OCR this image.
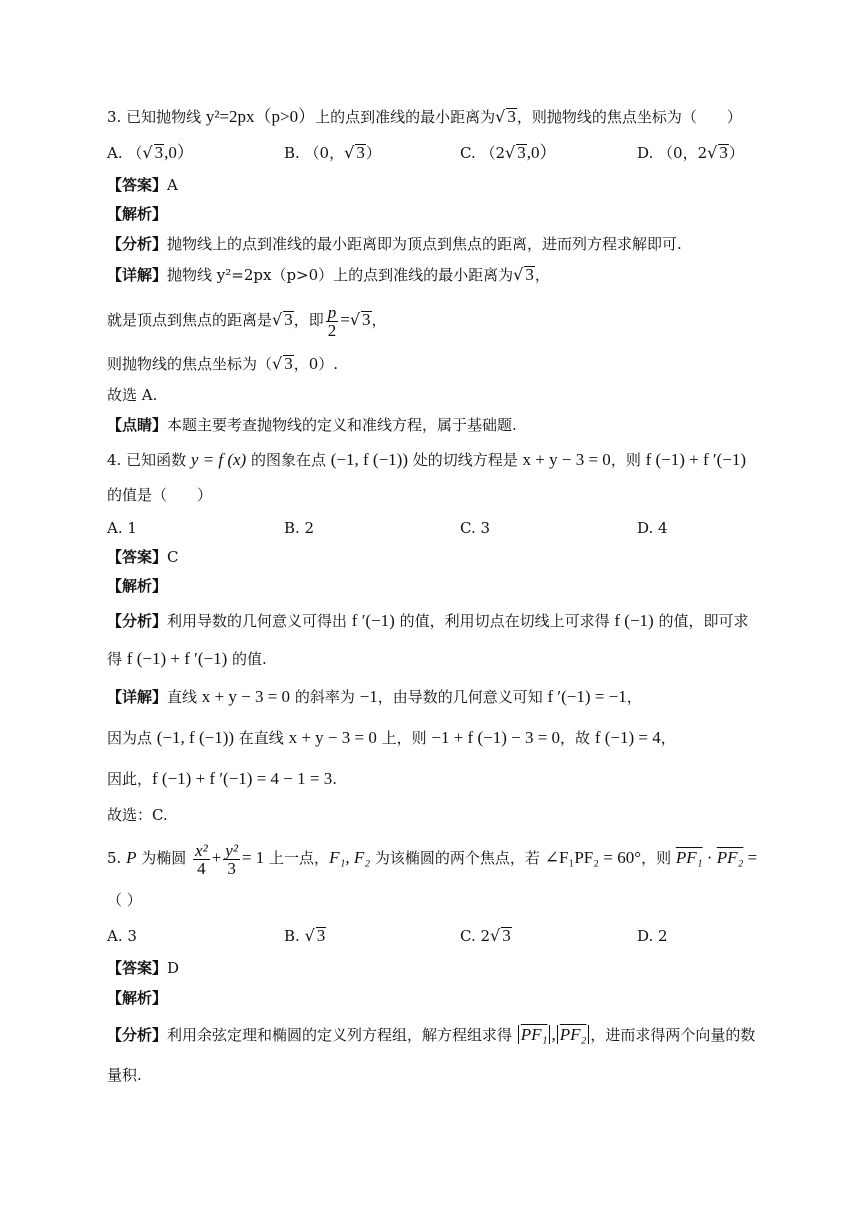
3. 已知抛物线 y²=2px（p>0）上的点到准线的最小距离为√ 3，则抛物线的焦点坐标为（　　）
A. （√ 3,0）	B. （0，√ 3）	C. （2√ 3,0）	D. （0，2√ 3）
【答案】A
【解析】
【分析】抛物线上的点到准线的最小距离即为顶点到焦点的距离，进而列方程求解即可.
【详解】抛物线 y²=2px（p>0）上的点到准线的最小距离为√ 3，
就是顶点到焦点的距离是√ 3，即 $\frac{p}{2}$ =√ 3，
则抛物线的焦点坐标为（√ 3，0）.
故选 A.
【点睛】本题主要考查抛物线的定义和准线方程，属于基础题.
4. 已知函数 y = f (x) 的图象在点 (−1, f (−1)) 处的切线方程是 x + y − 3 = 0，则 f (−1) + f ′(−1)
的值是（　　）
A. 1	B. 2	C. 3	D. 4
【答案】C
【解析】
【分析】利用导数的几何意义可得出 f ′(−1) 的值，利用切点在切线上可求得 f (−1) 的值，即可求
得 f (−1) + f ′(−1) 的值.
【详解】直线 x + y − 3 = 0 的斜率为 −1，由导数的几何意义可知 f ′(−1) = −1，
因为点 (−1, f (−1)) 在直线 x + y − 3 = 0 上，则 −1 + f (−1) − 3 = 0，故 f (−1) = 4，
因此，f (−1) + f ′(−1) = 4 − 1 = 3.
故选：C.
5. P 为椭圆 $\frac{\text{x²}}{4} + \frac{\text{y²}}{3} = 1$ 上一点，F₁, F₂ 为该椭圆的两个焦点，若 ∠F₁PF₂ = 60°，则 PF₁ · PF₂ =
（ ）
A. 3	B. √ 3	C. 2√ 3	D. 2
【答案】D
【解析】
【分析】利用余弦定理和椭圆的定义列方程组，解方程组求得 PF₁ , PF₂ ，进而求得两个向量的数
量积.
